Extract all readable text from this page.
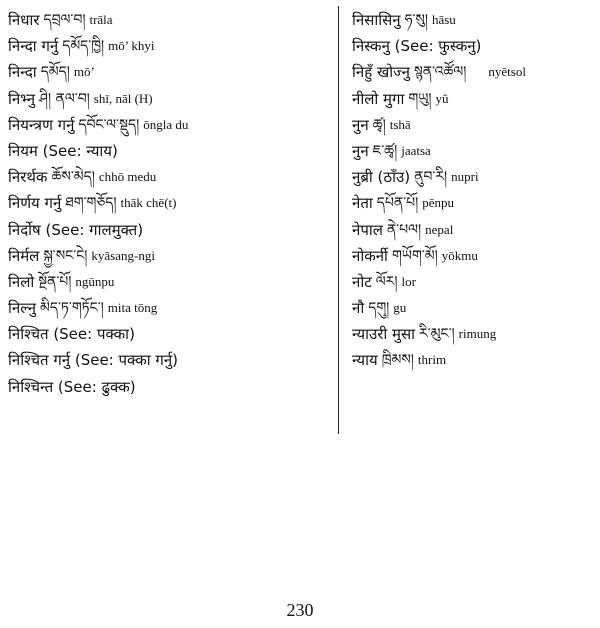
निधार དབྲལ་བ། trāla
निन्दा गर्नु དམོད་ཁྱི། mō’ khyi
निन्दा དམོད། mō’
निभ्नु ཤི། ནལ་བ། shī, nāl (H)
नियन्त्रण गर्नु དབོང་ལ་སྡུད། ōngla du
नियम (See: न्याय)
निरर्थक ཆོས་མེད། chhō medu
निर्णय गर्नु ཐག་གཅོད། thāk chē(t)
निर्दोष (See: गालमुक्त)
निर्मल སྐྱ་སང་ངེ། kyāsang-ngi
निलो སྔོན་པོ། ngūnpu
निल्नु མིད་ཏ་གཏོང་། mita tōng
निश्चित (See: पक्का)
निश्चित गर्नु (See: पक्का गर्नु)
निश्चिन्त (See: ढुक्क)
निसासिनु ཧ་སུ། hāsu
निस्कनु (See: फुस्कनु)
निहुँ खोज्नु སྙན་འཚོལ། nyētsol
नीलो मुगा གཡུ། yû
नुन ཚྭ། tshā
नुन ཇ་ཚྭ། jaatsa
नुब्री (ठाँउ) ནུབ་རི། nupri
नेता དཔོན་པོ། pēnpu
नेपाल ནེ་པལ། nepal
नोकर्नी གཡོག་མོ། yōkmu
नोट ལོར། lor
नौ དགུ། gu
न्याउरी मुसा རི་མུང་། rimung
न्याय ཁྲིམས། thrim
230
